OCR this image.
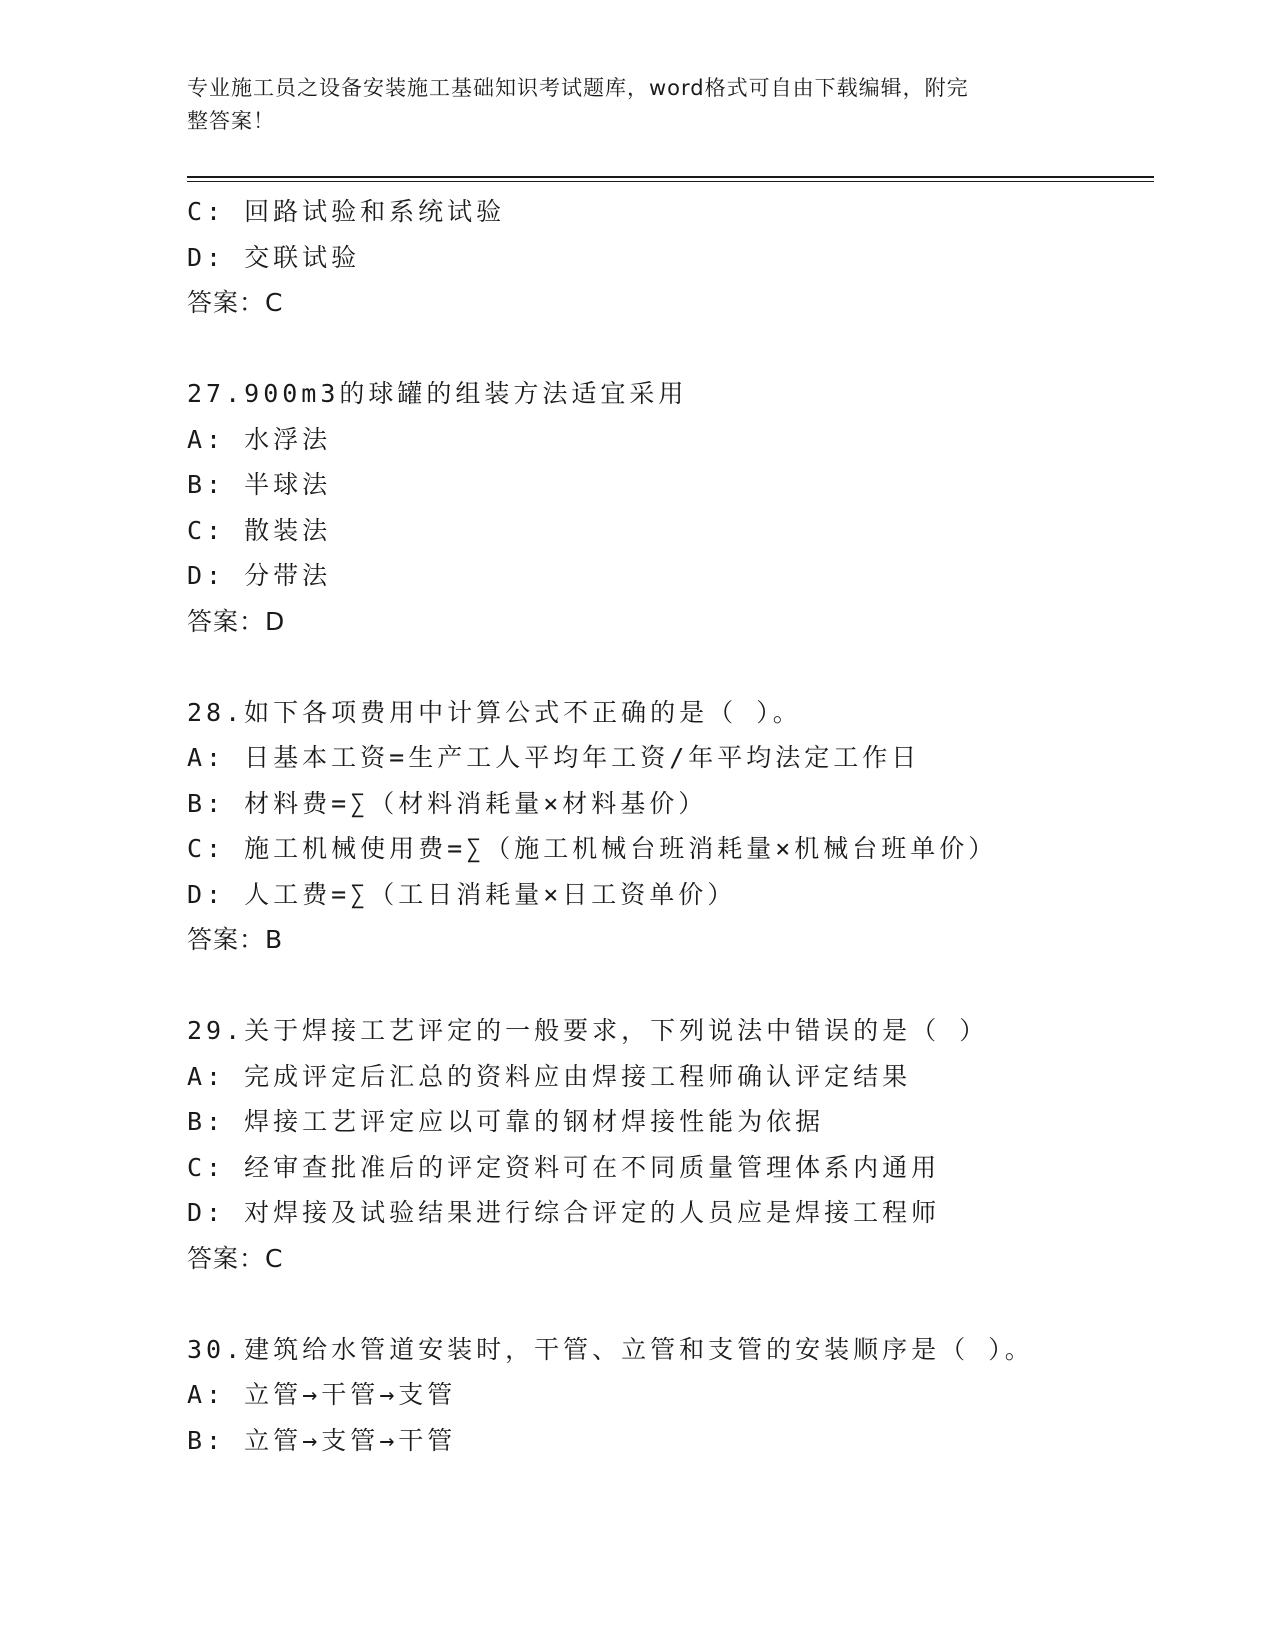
专业施工员之设备安装施工基础知识考试题库，word格式可自由下载编辑，附完
整答案！
C: 回路试验和系统试验
D: 交联试验
答案：C
27.900m3的球罐的组装方法适宜采用
A: 水浮法
B: 半球法
C: 散装法
D: 分带法
答案：D
28.如下各项费用中计算公式不正确的是（ ）。
A: 日基本工资=生产工人平均年工资/年平均法定工作日
B: 材料费=∑（材料消耗量×材料基价）
C: 施工机械使用费=∑（施工机械台班消耗量×机械台班单价）
D: 人工费=∑（工日消耗量×日工资单价）
答案：B
29.关于焊接工艺评定的一般要求，下列说法中错误的是（ ）
A: 完成评定后汇总的资料应由焊接工程师确认评定结果
B: 焊接工艺评定应以可靠的钢材焊接性能为依据
C: 经审查批准后的评定资料可在不同质量管理体系内通用
D: 对焊接及试验结果进行综合评定的人员应是焊接工程师
答案：C
30.建筑给水管道安装时，干管、立管和支管的安装顺序是（ ）。
A: 立管→干管→支管
B: 立管→支管→干管
